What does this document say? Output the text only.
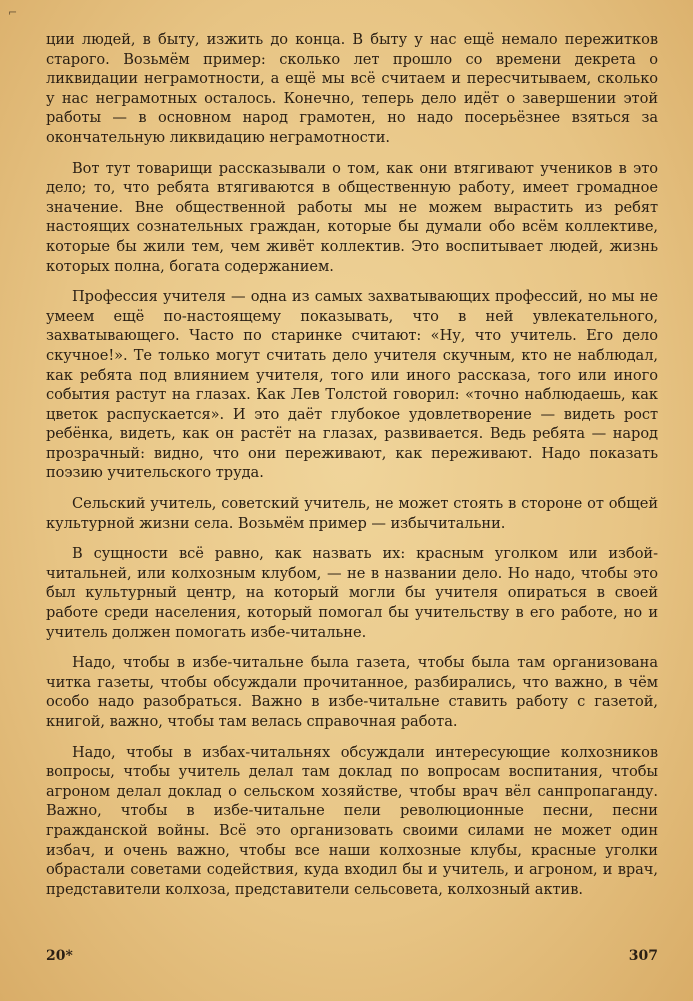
⌐

ции людей, в быту, изжить до конца. В быту у нас ещё немало пережитков старого. Возьмём пример: сколько лет прошло со времени декрета о ликвидации неграмотности, а ещё мы всё считаем и пересчитываем, сколько у нас неграмотных осталось. Конечно, теперь дело идёт о завершении этой работы — в основном народ грамотен, но надо посерьёзнее взяться за окончательную ликвидацию неграмотности.

Вот тут товарищи рассказывали о том, как они втягивают учеников в это дело; то, что ребята втягиваются в общественную работу, имеет громадное значение. Вне общественной работы мы не можем вырастить из ребят настоящих сознательных граждан, которые бы думали обо всём коллективе, которые бы жили тем, чем живёт коллектив. Это воспитывает людей, жизнь которых полна, богата содержанием.

Профессия учителя — одна из самых захватывающих профессий, но мы не умеем ещё по-настоящему показывать, что в ней увлекательного, захватывающего. Часто по старинке считают: «Ну, что учитель. Его дело скучное!». Те только могут считать дело учителя скучным, кто не наблюдал, как ребята под влиянием учителя, того или иного рассказа, того или иного события растут на глазах. Как Лев Толстой говорил: «точно наблюдаешь, как цветок распускается». И это даёт глубокое удовлетворение — видеть рост ребёнка, видеть, как он растёт на глазах, развивается. Ведь ребята — народ прозрачный: видно, что они переживают, как переживают. Надо показать поэзию учительского труда.

Сельский учитель, советский учитель, не может стоять в стороне от общей культурной жизни села. Возьмём пример — избычитальни.

В сущности всё равно, как назвать их: красным уголком или избой-читальней, или колхозным клубом, — не в названии дело. Но надо, чтобы это был культурный центр, на который могли бы учителя опираться в своей работе среди населения, который помогал бы учительству в его работе, но и учитель должен помогать избе-читальне.

Надо, чтобы в избе-читальне была газета, чтобы была там организована читка газеты, чтобы обсуждали прочитанное, разбирались, что важно, в чём особо надо разобраться. Важно в избе-читальне ставить работу с газетой, книгой, важно, чтобы там велась справочная работа.

Надо, чтобы в избах-читальнях обсуждали интересующие колхозников вопросы, чтобы учитель делал там доклад по вопросам воспитания, чтобы агроном делал доклад о сельском хозяйстве, чтобы врач вёл санпропаганду. Важно, чтобы в избе-читальне пели революционные песни, песни гражданской войны. Всё это организовать своими силами не может один избач, и очень важно, чтобы все наши колхозные клубы, красные уголки обрастали советами содействия, куда входил бы и учитель, и агроном, и врач, представители колхоза, представители сельсовета, колхозный актив.

20*	307
